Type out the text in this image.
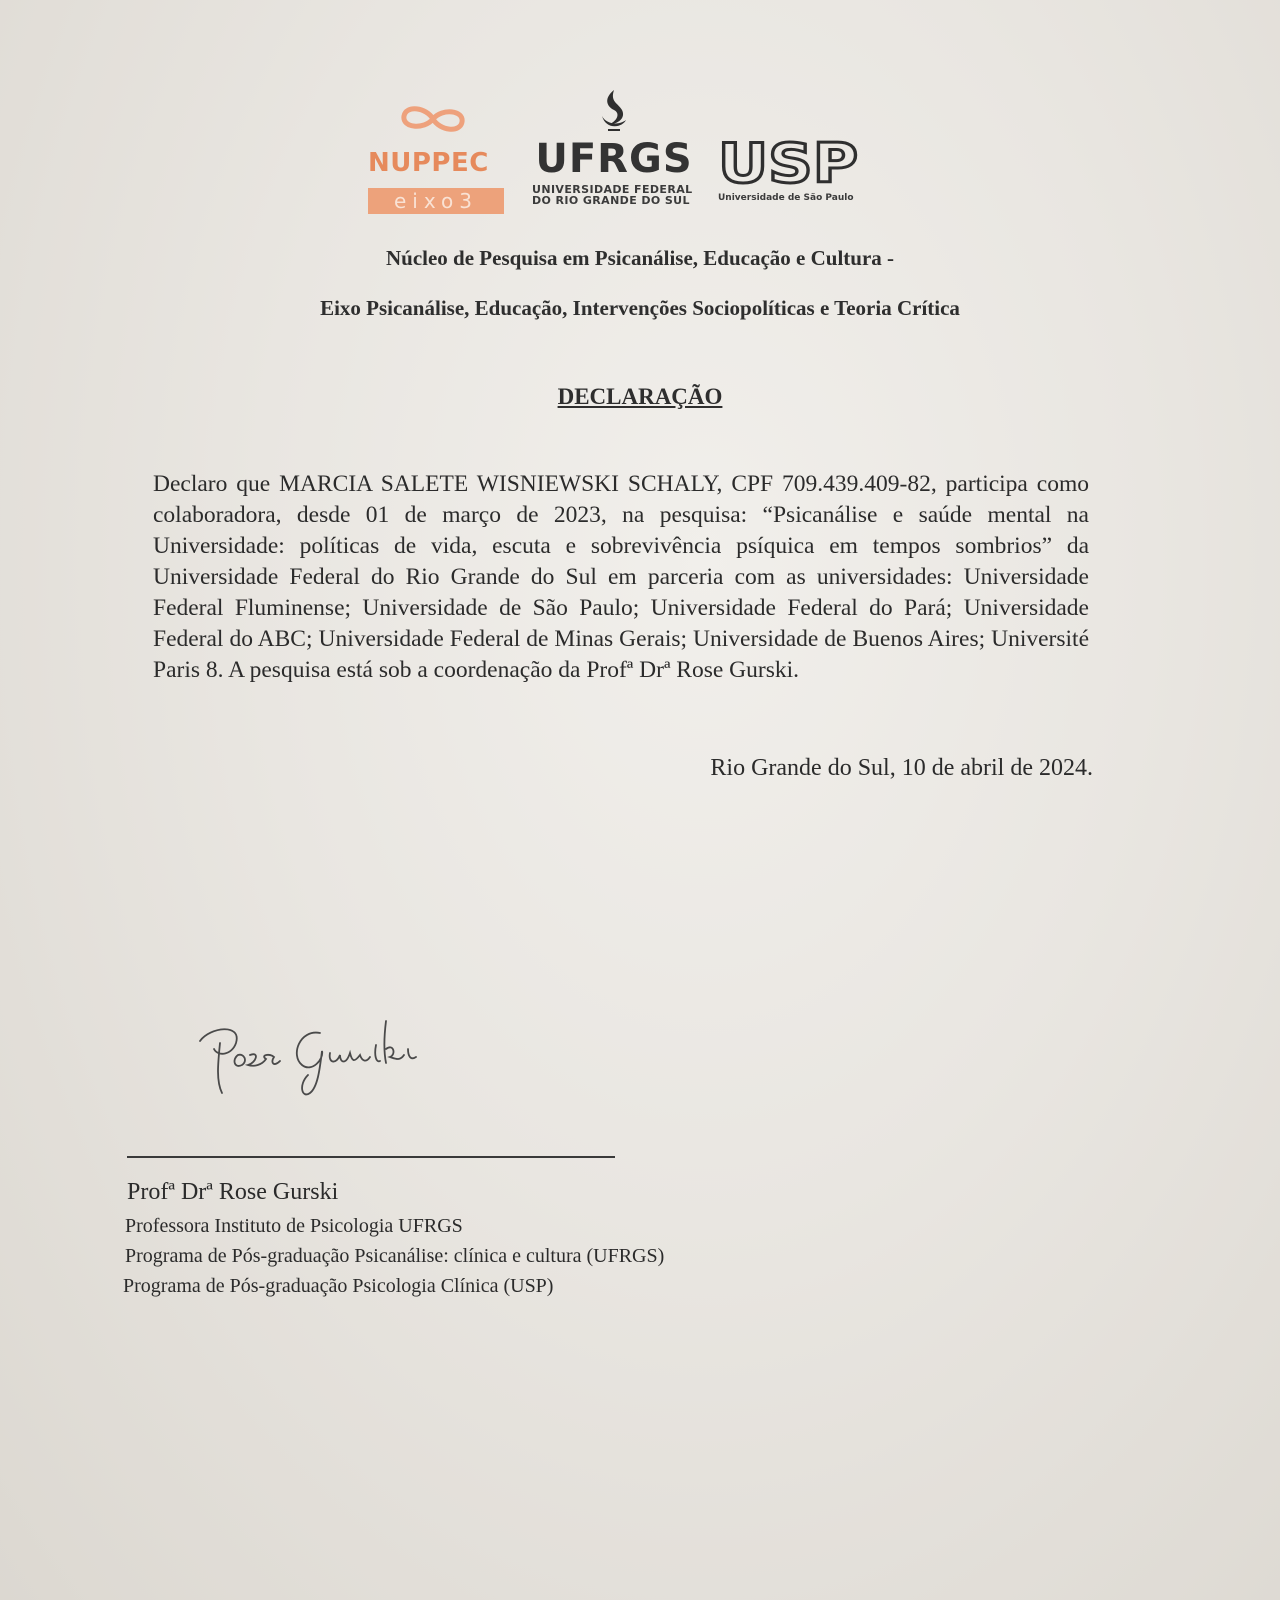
NUPPEC
eixo3
UFRGS
UNIVERSIDADE FEDERAL
DO RIO GRANDE DO SUL
USP
Universidade de São Paulo
Núcleo de Pesquisa em Psicanálise, Educação e Cultura -
Eixo Psicanálise, Educação, Intervenções Sociopolíticas e Teoria Crítica
DECLARAÇÃO
Declaro que MARCIA SALETE WISNIEWSKI SCHALY, CPF 709.439.409-82, participa como colaboradora, desde 01 de março de 2023, na pesquisa: “Psicanálise e saúde mental na Universidade: políticas de vida, escuta e sobrevivência psíquica em tempos sombrios” da Universidade Federal do Rio Grande do Sul em parceria com as universidades: Universidade Federal Fluminense; Universidade de São Paulo; Universidade Federal do Pará; Universidade Federal do ABC; Universidade Federal de Minas Gerais; Universidade de Buenos Aires; Université Paris 8. A pesquisa está sob a coordenação da Profª Drª Rose Gurski.
Rio Grande do Sul, 10 de abril de 2024.
Profª Drª Rose Gurski
Professora Instituto de Psicologia UFRGS
Programa de Pós-graduação Psicanálise: clínica e cultura (UFRGS)
Programa de Pós-graduação Psicologia Clínica (USP)
